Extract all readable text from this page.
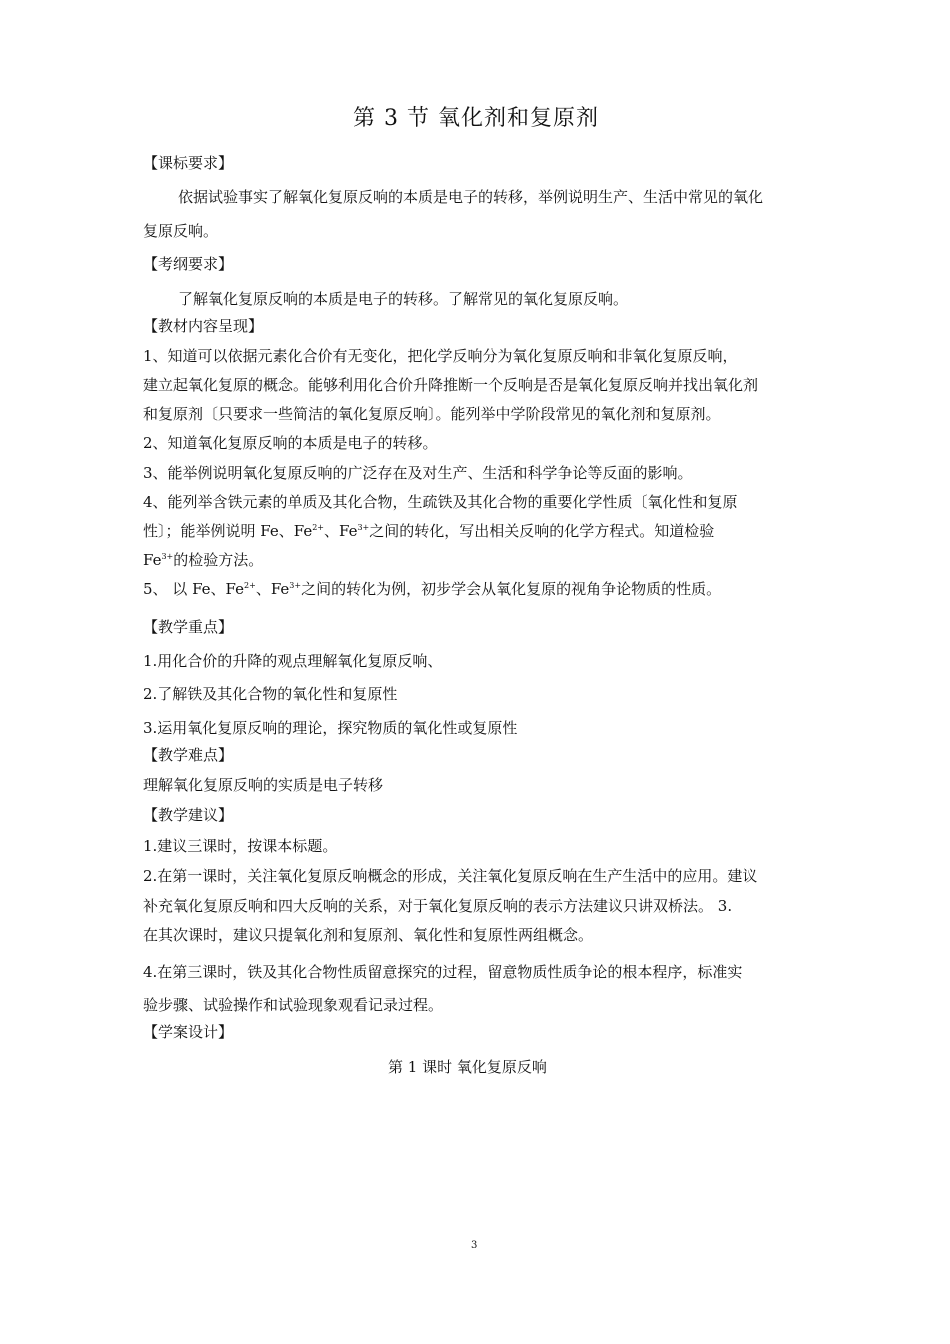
第 3 节 氧化剂和复原剂
【课标要求】
依据试验事实了解氧化复原反响的本质是电子的转移，举例说明生产、生活中常见的氧化
复原反响。
【考纲要求】
了解氧化复原反响的本质是电子的转移。了解常见的氧化复原反响。
【教材内容呈现】
1、知道可以依据元素化合价有无变化，把化学反响分为氧化复原反响和非氧化复原反响，
建立起氧化复原的概念。能够利用化合价升降推断一个反响是否是氧化复原反响并找出氧化剂
和复原剂〔只要求一些简洁的氧化复原反响〕。能列举中学阶段常见的氧化剂和复原剂。
2、知道氧化复原反响的本质是电子的转移。
3、能举例说明氧化复原反响的广泛存在及对生产、生活和科学争论等反面的影响。
4、能列举含铁元素的单质及其化合物，生疏铁及其化合物的重要化学性质〔氧化性和复原
性〕；能举例说明 Fe、$Fe^{2+}$、$Fe^{3+}$之间的转化，写出相关反响的化学方程式。知道检验
$Fe^{3+}$的检验方法。
5、 以 Fe、$Fe^{2+}$、$Fe^{3+}$之间的转化为例，初步学会从氧化复原的视角争论物质的性质。
【教学重点】
1.用化合价的升降的观点理解氧化复原反响、
2.了解铁及其化合物的氧化性和复原性
3.运用氧化复原反响的理论，探究物质的氧化性或复原性
【教学难点】
理解氧化复原反响的实质是电子转移
【教学建议】
1.建议三课时，按课本标题。
2.在第一课时，关注氧化复原反响概念的形成，关注氧化复原反响在生产生活中的应用。建议
补充氧化复原反响和四大反响的关系，对于氧化复原反响的表示方法建议只讲双桥法。 3.
在其次课时，建议只提氧化剂和复原剂、氧化性和复原性两组概念。
4.在第三课时，铁及其化合物性质留意探究的过程，留意物质性质争论的根本程序，标准实
验步骤、试验操作和试验现象观看记录过程。
【学案设计】
第 1 课时 氧化复原反响
3
